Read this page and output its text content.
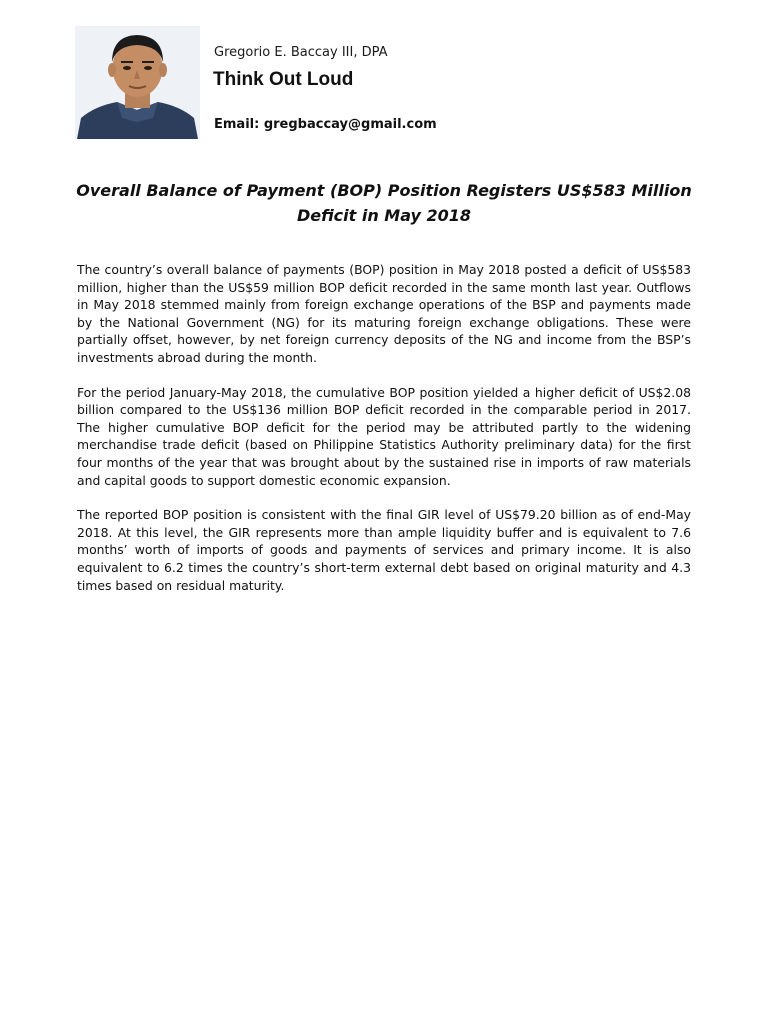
Gregorio E. Baccay III, DPA
Think Out Loud
Email: gregbaccay@gmail.com
Overall Balance of Payment (BOP) Position Registers US$583 Million Deficit in May 2018

The country’s overall balance of payments (BOP) position in May 2018 posted a deficit of US$583 million, higher than the US$59 million BOP deficit recorded in the same month last year. Outflows in May 2018 stemmed mainly from foreign exchange operations of the BSP and payments made by the National Government (NG) for its maturing foreign exchange obligations. These were partially offset, however, by net foreign currency deposits of the NG and income from the BSP’s investments abroad during the month.

For the period January-May 2018, the cumulative BOP position yielded a higher deficit of US$2.08 billion compared to the US$136 million BOP deficit recorded in the comparable period in 2017. The higher cumulative BOP deficit for the period may be attributed partly to the widening merchandise trade deficit (based on Philippine Statistics Authority preliminary data) for the first four months of the year that was brought about by the sustained rise in imports of raw materials and capital goods to support domestic economic expansion.

The reported BOP position is consistent with the final GIR level of US$79.20 billion as of end-May 2018. At this level, the GIR represents more than ample liquidity buffer and is equivalent to 7.6 months’ worth of imports of goods and payments of services and primary income. It is also equivalent to 6.2 times the country’s short-term external debt based on original maturity and 4.3 times based on residual maturity.
